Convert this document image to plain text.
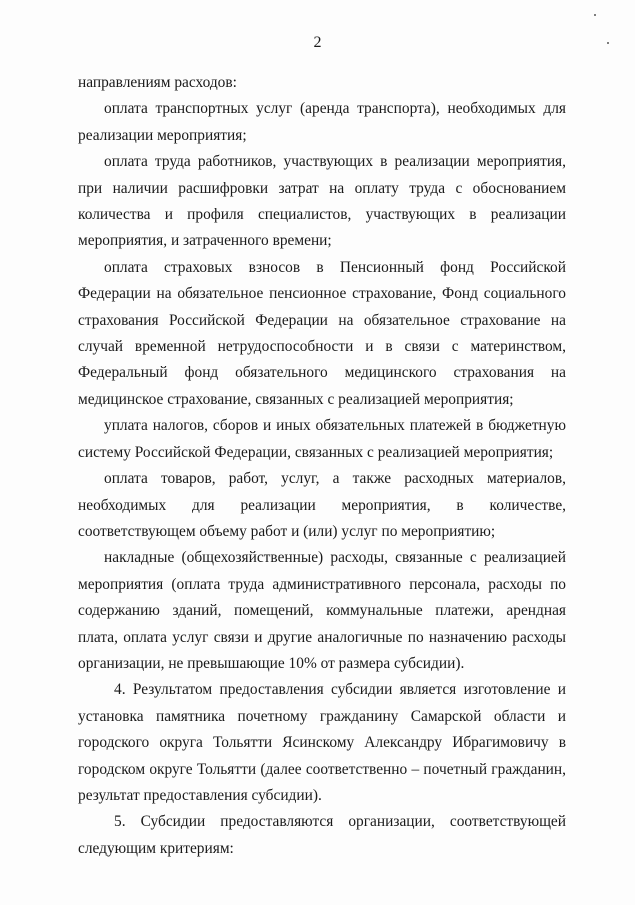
2

направлениям расходов:

оплата транспортных услуг (аренда транспорта), необходимых для реализации мероприятия;

оплата труда работников, участвующих в реализации мероприятия, при наличии расшифровки затрат на оплату труда с обоснованием количества и профиля специалистов, участвующих в реализации мероприятия, и затраченного времени;

оплата страховых взносов в Пенсионный фонд Российской Федерации на обязательное пенсионное страхование, Фонд социального страхования Российской Федерации на обязательное страхование на случай временной нетрудоспособности и в связи с материнством, Федеральный фонд обязательного медицинского страхования на медицинское страхование, связанных с реализацией мероприятия;

уплата налогов, сборов и иных обязательных платежей в бюджетную систему Российской Федерации, связанных с реализацией мероприятия;

оплата товаров, работ, услуг, а также расходных материалов, необходимых для реализации мероприятия, в количестве, соответствующем объему работ и (или) услуг по мероприятию;

накладные (общехозяйственные) расходы, связанные с реализацией мероприятия (оплата труда административного персонала, расходы по содержанию зданий, помещений, коммунальные платежи, арендная плата, оплата услуг связи и другие аналогичные по назначению расходы организации, не превышающие 10% от размера субсидии).

4. Результатом предоставления субсидии является изготовление и установка памятника почетному гражданину Самарской области и городского округа Тольятти Ясинскому Александру Ибрагимовичу в городском округе Тольятти (далее соответственно – почетный гражданин, результат предоставления субсидии).

5. Субсидии предоставляются организации, соответствующей следующим критериям:
